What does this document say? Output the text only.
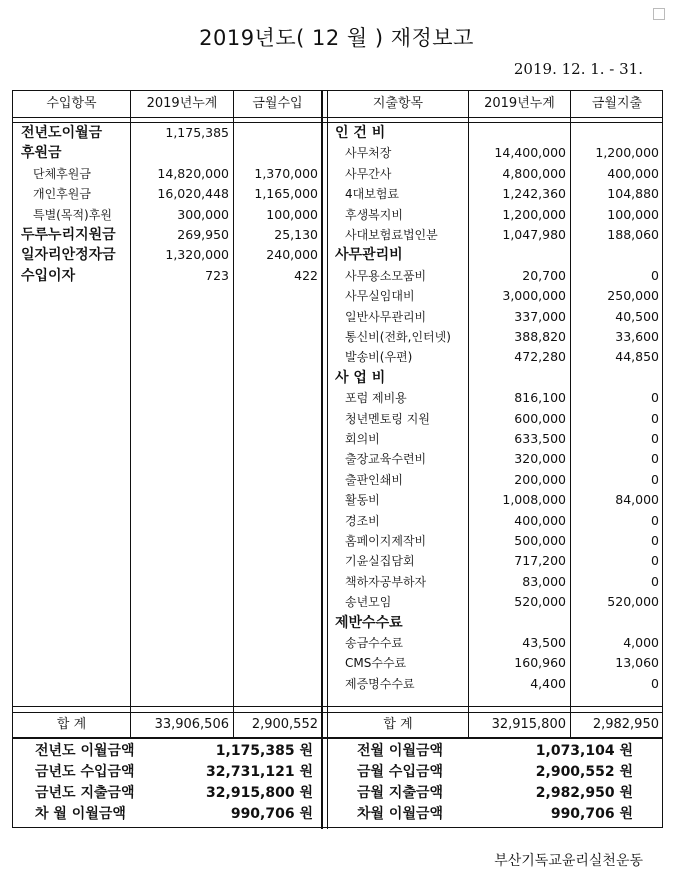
2019년도( 12 월 ) 재정보고
2019. 12. 1. - 31.
수입항목	2019년누계	금월수입	지출항목	2019년누계	금월지출
전년도이월금	1,175,385
후원금
단체후원금	14,820,000	1,370,000
개인후원금	16,020,448	1,165,000
특별(목적)후원	300,000	100,000
두루누리지원금	269,950	25,130
일자리안정자금	1,320,000	240,000
수입이자	723	422
인 건 비
사무처장	14,400,000	1,200,000
사무간사	4,800,000	400,000
4대보험료	1,242,360	104,880
후생복지비	1,200,000	100,000
사대보험료법인분	1,047,980	188,060
사무관리비
사무용소모품비	20,700	0
사무실임대비	3,000,000	250,000
일반사무관리비	337,000	40,500
통신비(전화,인터넷)	388,820	33,600
발송비(우편)	472,280	44,850
사 업 비
포럼 제비용	816,100	0
청년멘토링 지원	600,000	0
회의비	633,500	0
출장교육수련비	320,000	0
출판인쇄비	200,000	0
활동비	1,008,000	84,000
경조비	400,000	0
홈페이지제작비	500,000	0
기윤실집담회	717,200	0
책하자공부하자	83,000	0
송년모임	520,000	520,000
제반수수료
송금수수료	43,500	4,000
CMS수수료	160,960	13,060
제증명수수료	4,400	0
합 계	33,906,506	2,900,552	합 계	32,915,800	2,982,950
전년도 이월금액	1,175,385 원
금년도 수입금액	32,731,121 원
금년도 지출금액	32,915,800 원
차 월 이월금액	990,706 원
전월 이월금액	1,073,104 원
금월 수입금액	2,900,552 원
금월 지출금액	2,982,950 원
차월 이월금액	990,706 원
부산기독교윤리실천운동
